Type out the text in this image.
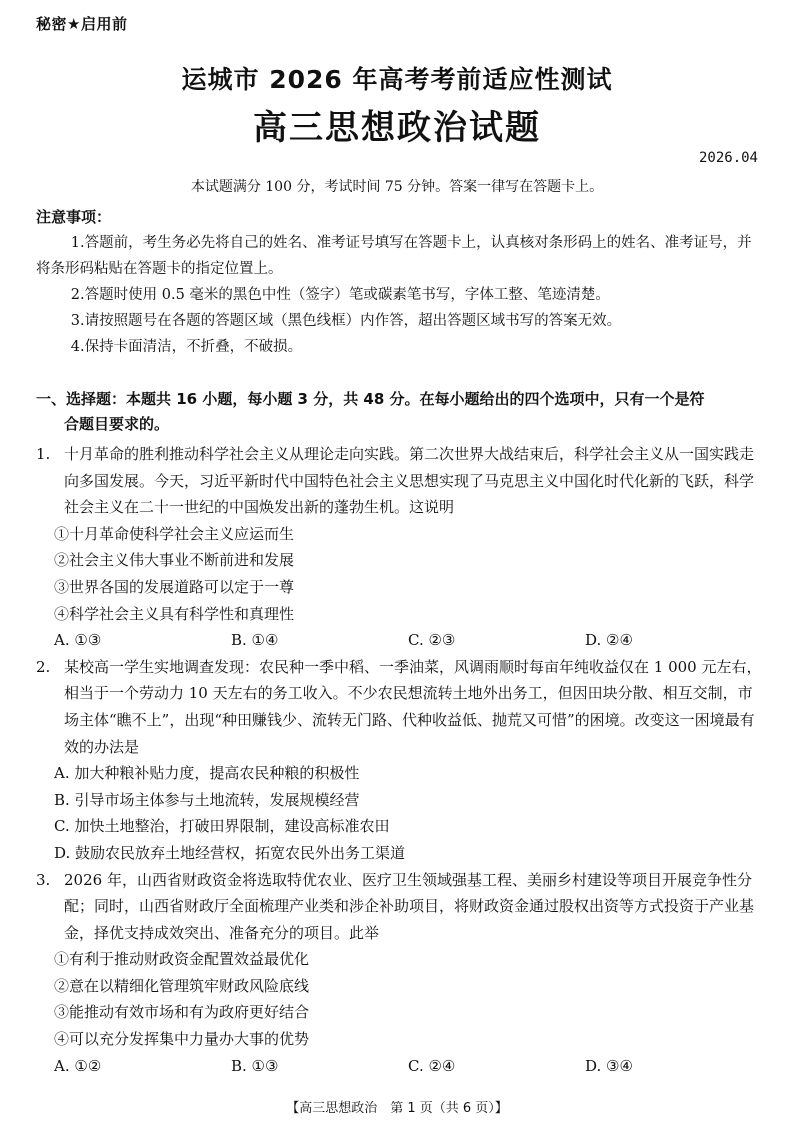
秘密★启用前
运城市 2026 年高考考前适应性测试
高三思想政治试题
2026.04
本试题满分 100 分，考试时间 75 分钟。答案一律写在答题卡上。
注意事项：

1.答题前，考生务必先将自己的姓名、准考证号填写在答题卡上，认真核对条形码上的姓名、准考证号，并将条形码粘贴在答题卡的指定位置上。

2.答题时使用 0.5 毫米的黑色中性（签字）笔或碳素笔书写，字体工整、笔迹清楚。

3.请按照题号在各题的答题区域（黑色线框）内作答，超出答题区域书写的答案无效。

4.保持卡面清洁，不折叠，不破损。

一、选择题：本题共 16 小题，每小题 3 分，共 48 分。在每小题给出的四个选项中，只有一个是符
合题目要求的。

1. 十月革命的胜利推动科学社会主义从理论走向实践。第二次世界大战结束后，科学社会主义从一国实践走向多国发展。今天，习近平新时代中国特色社会主义思想实现了马克思主义中国化时代化新的飞跃，科学社会主义在二十一世纪的中国焕发出新的蓬勃生机。这说明

①十月革命使科学社会主义应运而生

②社会主义伟大事业不断前进和发展

③世界各国的发展道路可以定于一尊

④科学社会主义具有科学性和真理性

A. ①③	B. ①④	C. ②③	D. ②④

2. 某校高一学生实地调查发现：农民种一季中稻、一季油菜，风调雨顺时每亩年纯收益仅在 1 000 元左右，相当于一个劳动力 10 天左右的务工收入。不少农民想流转土地外出务工，但因田块分散、相互交制，市场主体“瞧不上”，出现“种田赚钱少、流转无门路、代种收益低、抛荒又可惜”的困境。改变这一困境最有效的办法是

A. 加大种粮补贴力度，提高农民种粮的积极性

B. 引导市场主体参与土地流转，发展规模经营

C. 加快土地整治，打破田界限制，建设高标准农田

D. 鼓励农民放弃土地经营权，拓宽农民外出务工渠道

3. 2026 年，山西省财政资金将选取特优农业、医疗卫生领域强基工程、美丽乡村建设等项目开展竞争性分配；同时，山西省财政厅全面梳理产业类和涉企补助项目，将财政资金通过股权出资等方式投资于产业基金，择优支持成效突出、准备充分的项目。此举

①有利于推动财政资金配置效益最优化

②意在以精细化管理筑牢财政风险底线

③能推动有效市场和有为政府更好结合

④可以充分发挥集中力量办大事的优势

A. ①②	B. ①③	C. ②④	D. ③④
【高三思想政治　第 1 页（共 6 页）】
